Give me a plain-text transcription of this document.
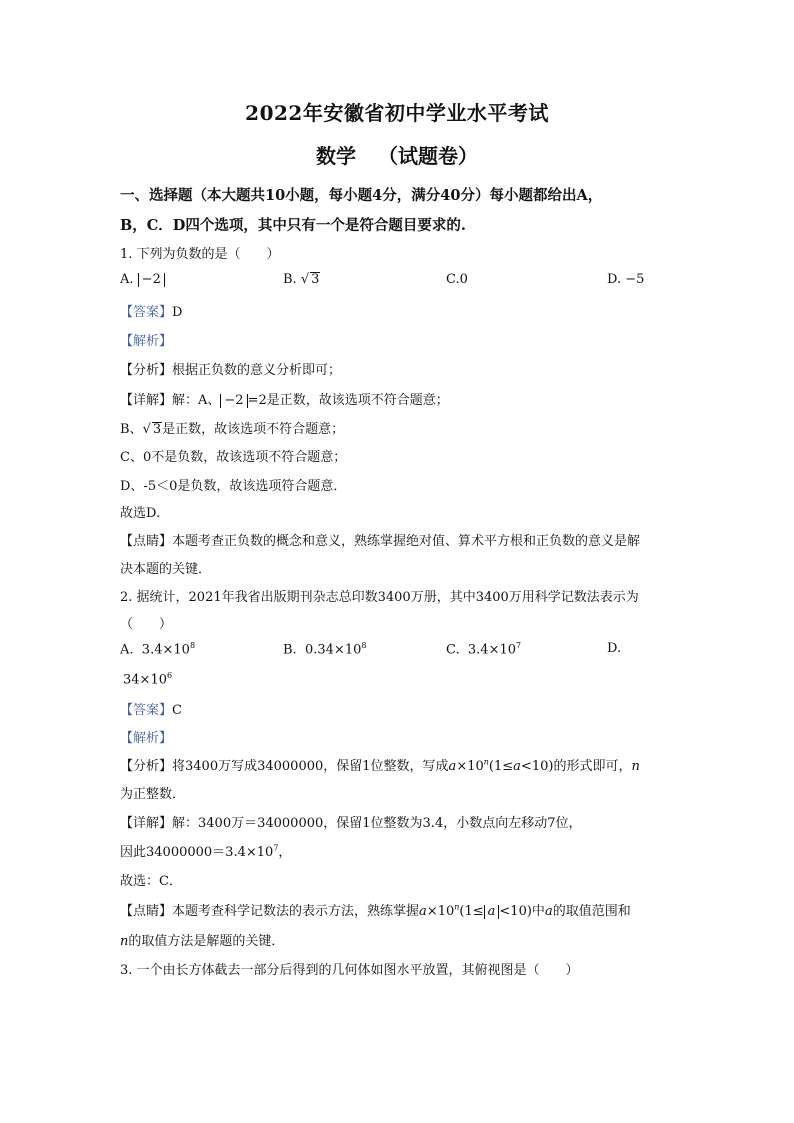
2022年安徽省初中学业水平考试
数学 （试题卷）
一、选择题（本大题共10小题，每小题4分，满分40分）每小题都给出A，
B，C．D四个选项，其中只有一个是符合题目要求的.
1. 下列为负数的是（　　）
A. −2	B. √ 3	C.0	D. −5
【答案】D
【解析】
【分析】根据正负数的意义分析即可；
【详解】解：A、 −2 =2是正数，故该选项不符合题意；
B、√ 3是正数，故该选项不符合题意；
C、0不是负数，故该选项不符合题意；
D、-5＜0是负数，故该选项符合题意．
故选D.
【点睛】本题考查正负数的概念和意义，熟练掌握绝对值、算术平方根和正负数的意义是解
决本题的关键．
2. 据统计，2021年我省出版期刊杂志总印数3400万册，其中3400万用科学记数法表示为
（　　）
A. $3.4\times 10^8$	B. $0.34\times 10^8$	C. $3.4\times 10^7$	D.
$34\times 10^6$
【答案】C
【解析】
【分析】将3400万写成34000000，保留1位整数，写成$a\times 10^n(1\le a<10)$的形式即可，n
为正整数．
【详解】解：3400万＝34000000，保留1位整数为3.4，小数点向左移动7位，
因此$34000000=3.4\times 10^7$，
故选：C．
【点睛】本题考查科学记数法的表示方法，熟练掌握$a\times 10^n(1\le a <10)$中a的取值范围和
n的取值方法是解题的关键．
3. 一个由长方体截去一部分后得到的几何体如图水平放置，其俯视图是（　　）
